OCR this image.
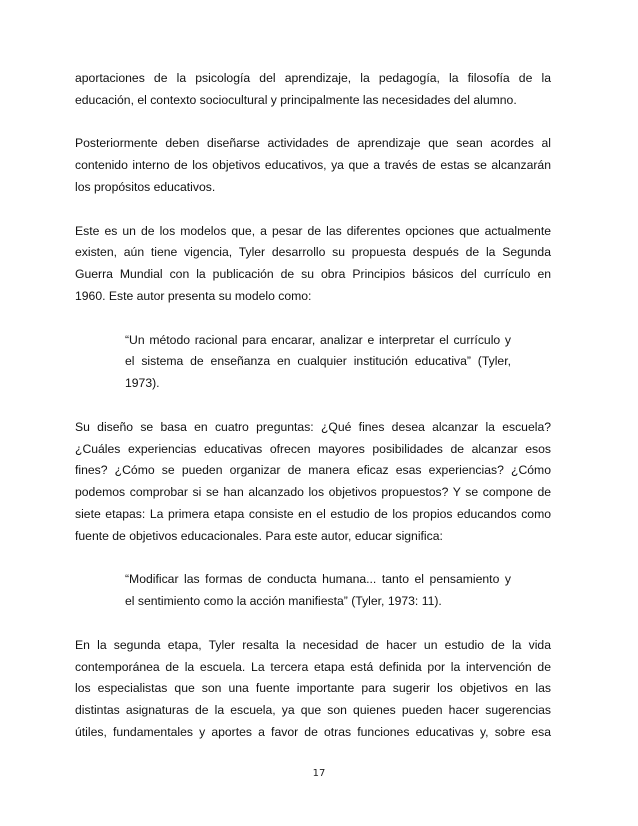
aportaciones de la psicología del aprendizaje, la pedagogía, la filosofía de la
educación, el contexto sociocultural y principalmente las necesidades del alumno.
Posteriormente deben diseñarse actividades de aprendizaje que sean acordes al
contenido interno de los objetivos educativos, ya que a través de estas se alcanzarán
los propósitos educativos.
Este es un de los modelos que, a pesar de las diferentes opciones que actualmente
existen, aún tiene vigencia, Tyler desarrollo su propuesta después de la Segunda
Guerra Mundial con la publicación de su obra Principios básicos del currículo en
1960. Este autor presenta su modelo como:
“Un método racional para encarar, analizar e interpretar el currículo y
el sistema de enseñanza en cualquier institución educativa” (Tyler,
1973).
Su diseño se basa en cuatro preguntas: ¿Qué fines desea alcanzar la escuela?
¿Cuáles experiencias educativas ofrecen mayores posibilidades de alcanzar esos
fines? ¿Cómo se pueden organizar de manera eficaz esas experiencias? ¿Cómo
podemos comprobar si se han alcanzado los objetivos propuestos? Y se compone de
siete etapas: La primera etapa consiste en el estudio de los propios educandos como
fuente de objetivos educacionales. Para este autor, educar significa:
“Modificar las formas de conducta humana... tanto el pensamiento y
el sentimiento como la acción manifiesta” (Tyler, 1973: 11).
En la segunda etapa, Tyler resalta la necesidad de hacer un estudio de la vida
contemporánea de la escuela. La tercera etapa está definida por la intervención de
los especialistas que son una fuente importante para sugerir los objetivos en las
distintas asignaturas de la escuela, ya que son quienes pueden hacer sugerencias
útiles, fundamentales y aportes a favor de otras funciones educativas y, sobre esa
17
